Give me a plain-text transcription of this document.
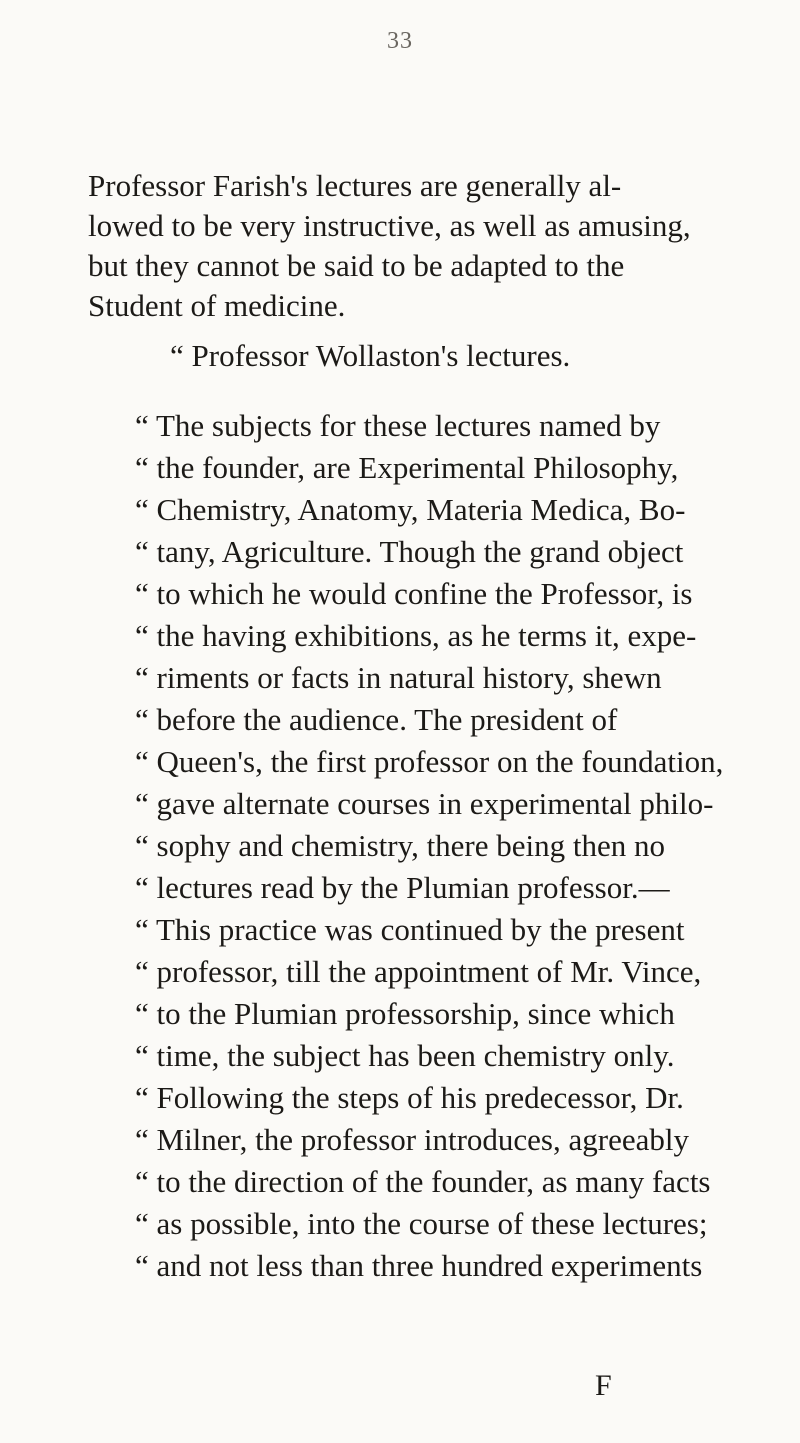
33
Professor Farish's lectures are generally al-
lowed to be very instructive, as well as amusing,
but they cannot be said to be adapted to the
Student of medicine.
“ Professor Wollaston's lectures.
“ The subjects for these lectures named by
“ the founder, are Experimental Philosophy,
“ Chemistry, Anatomy, Materia Medica, Bo-
“ tany, Agriculture. Though the grand object
“ to which he would confine the Professor, is
“ the having exhibitions, as he terms it, expe-
“ riments or facts in natural history, shewn
“ before the audience. The president of
“ Queen's, the first professor on the foundation,
“ gave alternate courses in experimental philo-
“ sophy and chemistry, there being then no
“ lectures read by the Plumian professor.—
“ This practice was continued by the present
“ professor, till the appointment of Mr. Vince,
“ to the Plumian professorship, since which
“ time, the subject has been chemistry only.
“ Following the steps of his predecessor, Dr.
“ Milner, the professor introduces, agreeably
“ to the direction of the founder, as many facts
“ as possible, into the course of these lectures;
“ and not less than three hundred experiments
F
